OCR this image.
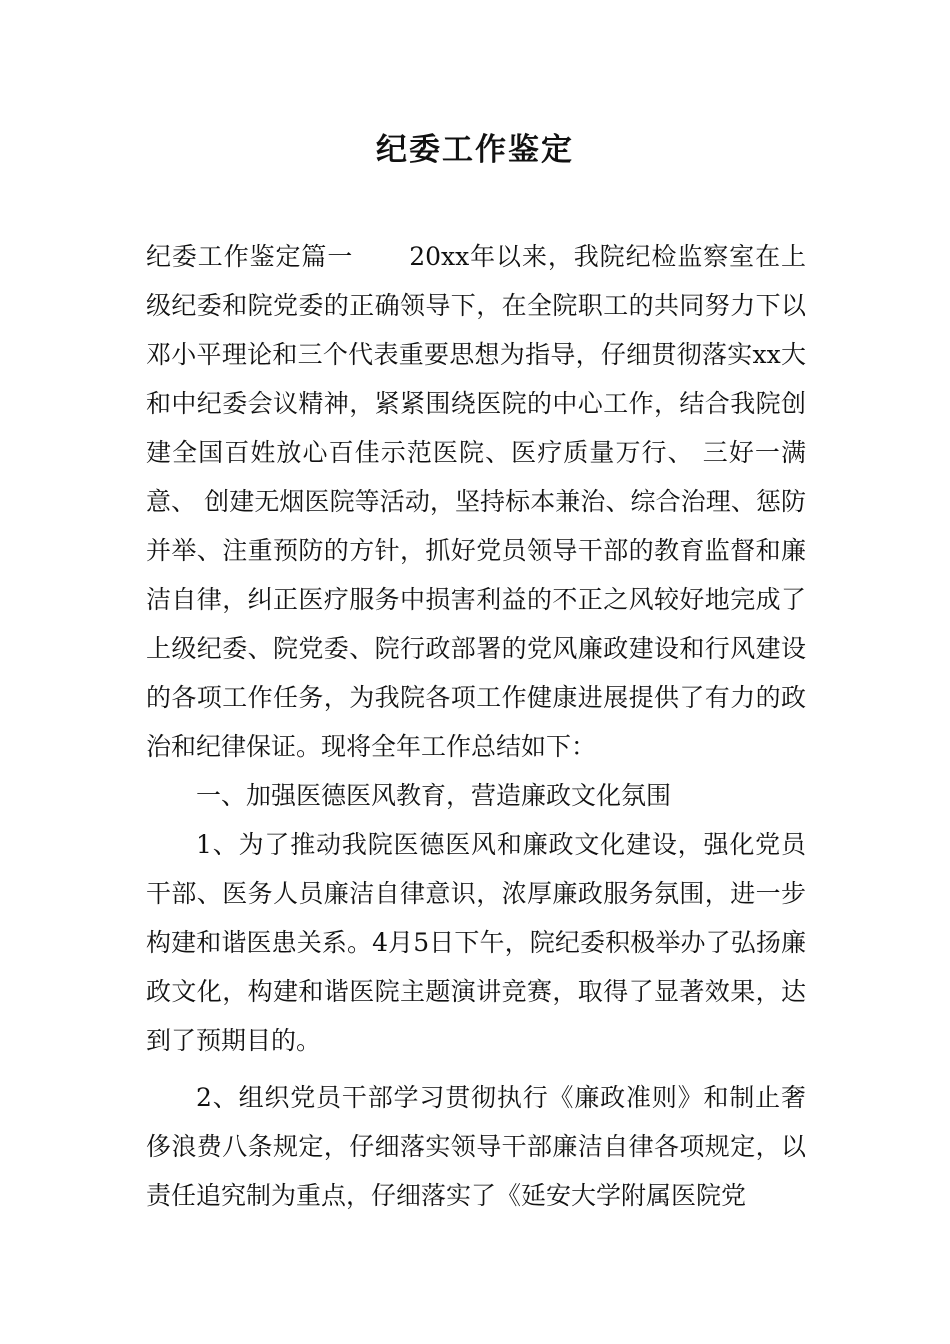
纪委工作鉴定

纪委工作鉴定篇一 20xx年以来，我院纪检监察室在上级纪委和院党委的正确领导下，在全院职工的共同努力下以邓小平理论和三个代表重要思想为指导，仔细贯彻落实xx大和中纪委会议精神，紧紧围绕医院的中心工作，结合我院创建全国百姓放心百佳示范医院、医疗质量万行、 三好一满意、 创建无烟医院等活动，坚持标本兼治、综合治理、惩防并举、注重预防的方针，抓好党员领导干部的教育监督和廉洁自律，纠正医疗服务中损害利益的不正之风较好地完成了上级纪委、院党委、院行政部署的党风廉政建设和行风建设的各项工作任务，为我院各项工作健康进展提供了有力的政治和纪律保证。现将全年工作总结如下：

一、加强医德医风教育，营造廉政文化氛围

1、为了推动我院医德医风和廉政文化建设，强化党员干部、医务人员廉洁自律意识，浓厚廉政服务氛围，进一步构建和谐医患关系。4月5日下午，院纪委积极举办了弘扬廉政文化，构建和谐医院主题演讲竞赛，取得了显著效果，达到了预期目的。

2、组织党员干部学习贯彻执行《廉政准则》和制止奢侈浪费八条规定，仔细落实领导干部廉洁自律各项规定，以责任追究制为重点，仔细落实了《延安大学附属医院党
